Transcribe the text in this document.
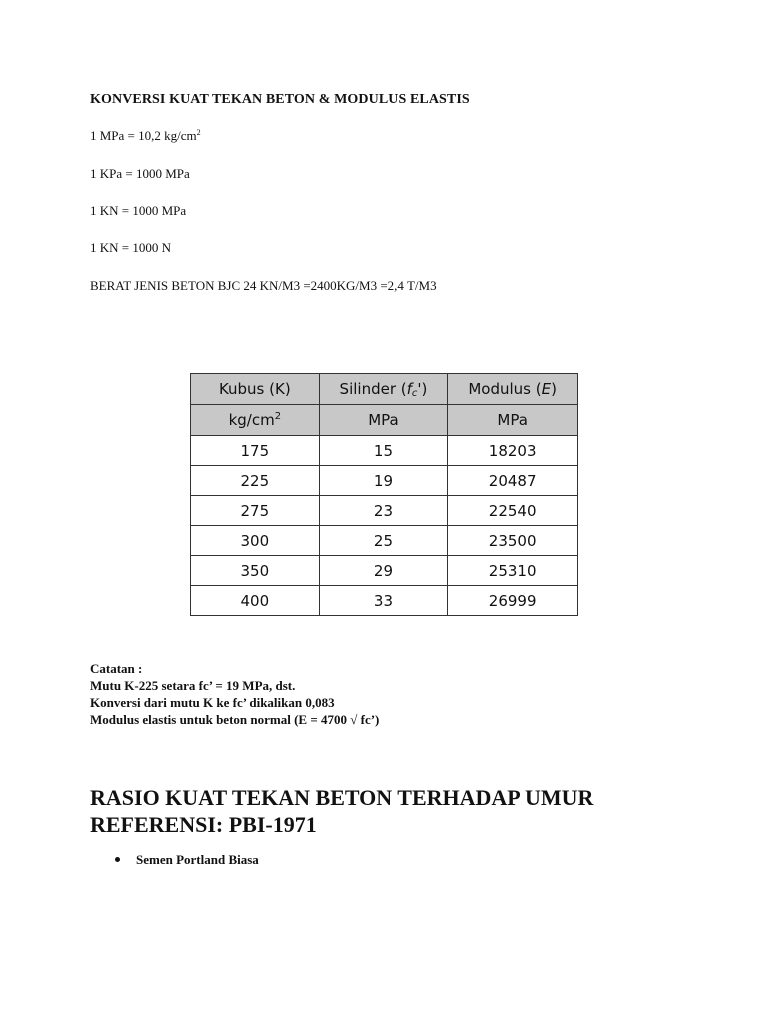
KONVERSI KUAT TEKAN BETON & MODULUS ELASTIS

1 MPa = 10,2 $kg/cm^2$

1 KPa = 1000 MPa

1 KN = 1000 MPa

1 KN = 1000 N

BERAT JENIS BETON BJC 24 KN/M3 =2400KG/M3 =2,4 T/M3

Kubus (K)	Silinder $(f_c')$	Modulus (E)
$kg/cm^2$	MPa	MPa
175	15	18203
225	19	20487
275	23	22540
300	25	23500
350	29	25310
400	33	26999
Catatan :
Mutu K-225 setara fc’ = 19 MPa, dst.
Konversi dari mutu K ke fc’ dikalikan 0,083
Modulus elastis untuk beton normal (E = 4700 √ fc’)
RASIO KUAT TEKAN BETON TERHADAP UMUR
REFERENSI: PBI-1971
Semen Portland Biasa
